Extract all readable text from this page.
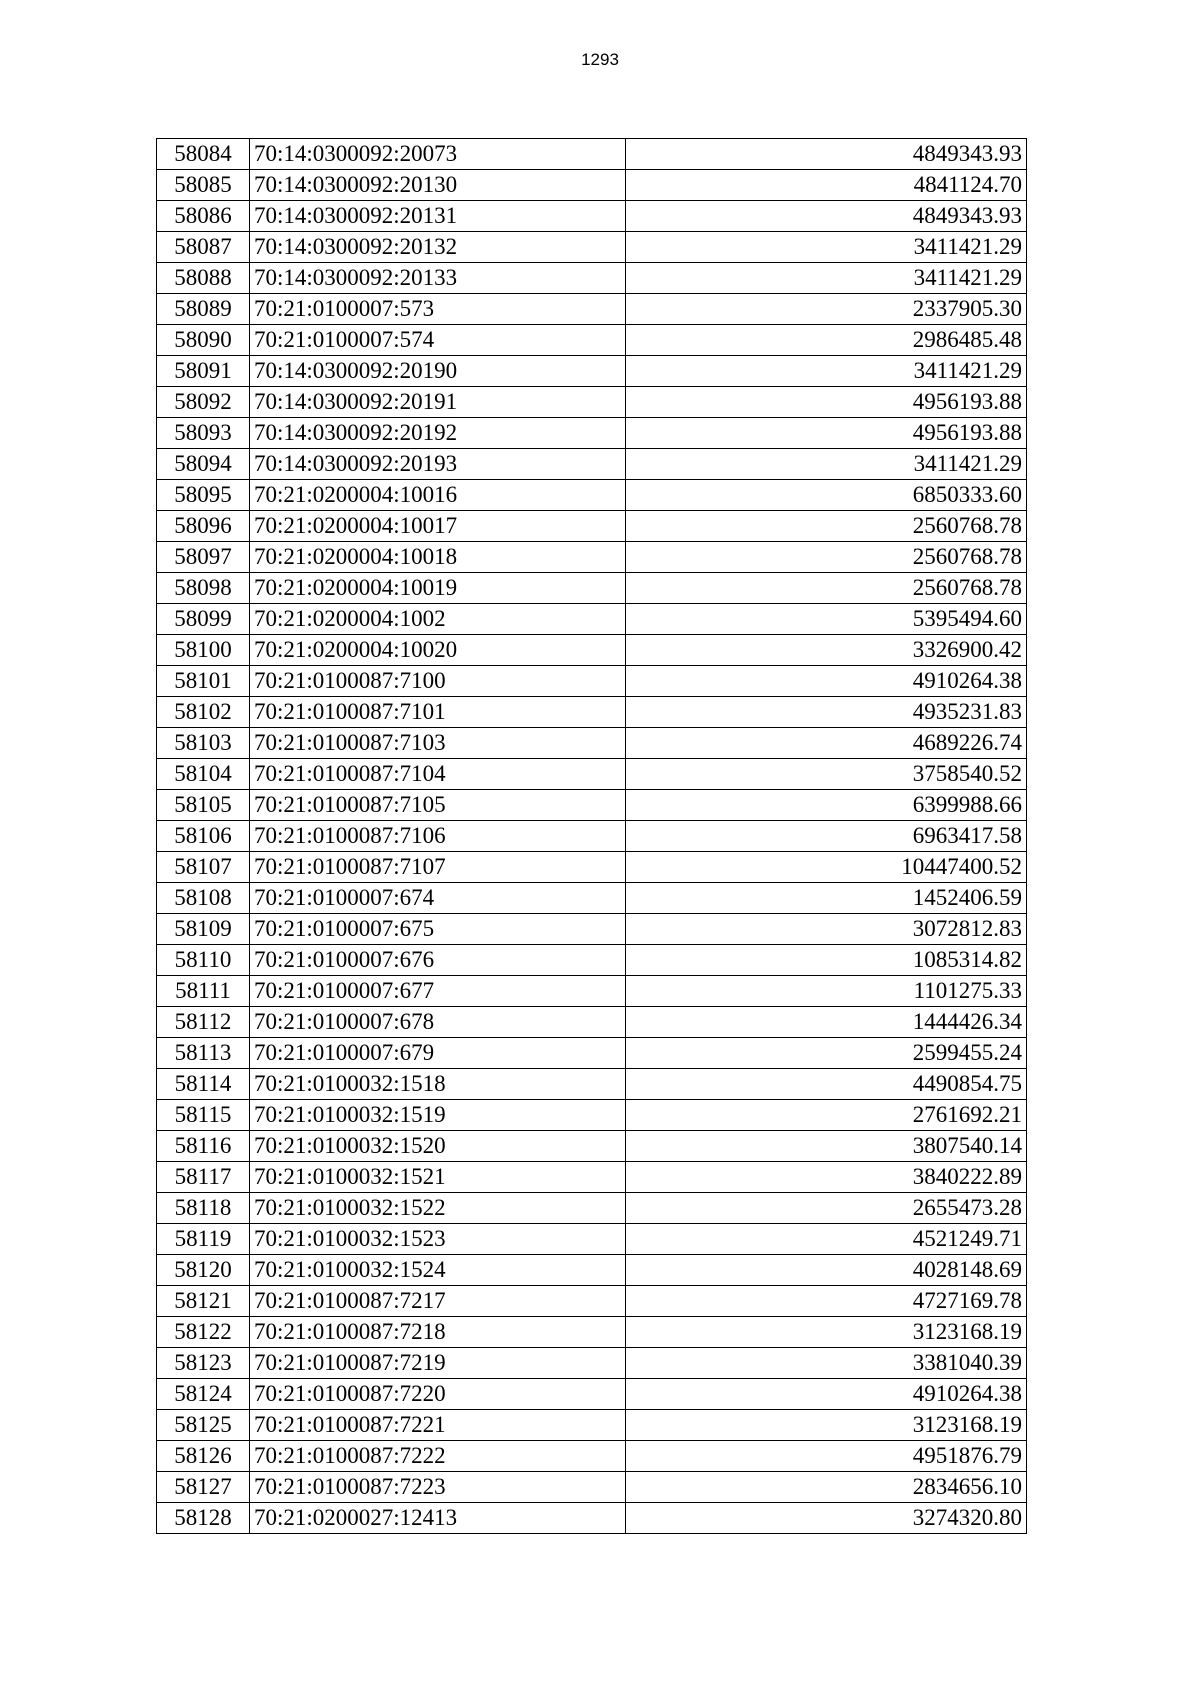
1293
58084	70:14:0300092:20073	4849343.93
58085	70:14:0300092:20130	4841124.70
58086	70:14:0300092:20131	4849343.93
58087	70:14:0300092:20132	3411421.29
58088	70:14:0300092:20133	3411421.29
58089	70:21:0100007:573	2337905.30
58090	70:21:0100007:574	2986485.48
58091	70:14:0300092:20190	3411421.29
58092	70:14:0300092:20191	4956193.88
58093	70:14:0300092:20192	4956193.88
58094	70:14:0300092:20193	3411421.29
58095	70:21:0200004:10016	6850333.60
58096	70:21:0200004:10017	2560768.78
58097	70:21:0200004:10018	2560768.78
58098	70:21:0200004:10019	2560768.78
58099	70:21:0200004:1002	5395494.60
58100	70:21:0200004:10020	3326900.42
58101	70:21:0100087:7100	4910264.38
58102	70:21:0100087:7101	4935231.83
58103	70:21:0100087:7103	4689226.74
58104	70:21:0100087:7104	3758540.52
58105	70:21:0100087:7105	6399988.66
58106	70:21:0100087:7106	6963417.58
58107	70:21:0100087:7107	10447400.52
58108	70:21:0100007:674	1452406.59
58109	70:21:0100007:675	3072812.83
58110	70:21:0100007:676	1085314.82
58111	70:21:0100007:677	1101275.33
58112	70:21:0100007:678	1444426.34
58113	70:21:0100007:679	2599455.24
58114	70:21:0100032:1518	4490854.75
58115	70:21:0100032:1519	2761692.21
58116	70:21:0100032:1520	3807540.14
58117	70:21:0100032:1521	3840222.89
58118	70:21:0100032:1522	2655473.28
58119	70:21:0100032:1523	4521249.71
58120	70:21:0100032:1524	4028148.69
58121	70:21:0100087:7217	4727169.78
58122	70:21:0100087:7218	3123168.19
58123	70:21:0100087:7219	3381040.39
58124	70:21:0100087:7220	4910264.38
58125	70:21:0100087:7221	3123168.19
58126	70:21:0100087:7222	4951876.79
58127	70:21:0100087:7223	2834656.10
58128	70:21:0200027:12413	3274320.80
